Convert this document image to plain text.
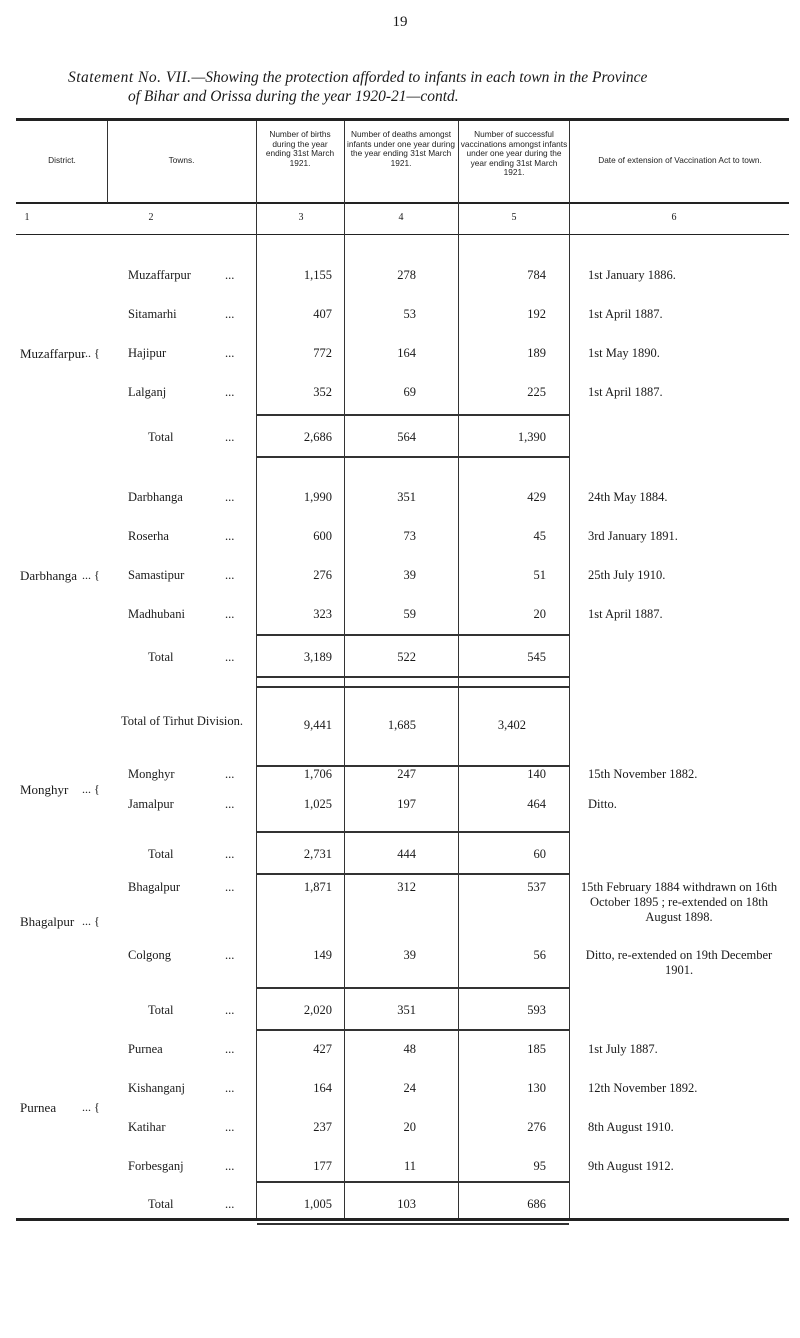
19
Statement No. VII.—Showing the protection afforded to infants in each town in the Province
of Bihar and Orissa during the year 1920-21—contd.
District.	Towns.
Number of births during the year ending 31st March 1921.
Number of deaths amongst infants under one year during the year ending 31st March 1921.
Number of successful vaccinations amongst infants under one year during the year ending 31st March 1921.
Date of extension of Vaccination Act to town.
1	2	3	4	5	6
Muzaffarpur
... {
Muzaffarpur	...	1,155	278	784	1st January 1886.
Sitamarhi	...	407	53	192	1st April 1887.
Hajipur	...	772	164	189	1st May 1890.
Lalganj	...	352	69	225	1st April 1887.
Total	...	2,686	564	1,390
Darbhanga ... {
Darbhanga	...	1,990	351	429	24th May 1884.
Roserha	...	600	73	45	3rd January 1891.
Samastipur	...	276	39	51	25th July 1910.
Madhubani	...	323	59	20	1st April 1887.
Total	...	3,189	522	545
Total of Tirhut Division.	9,441	1,685	3,402
Monghyr ... {
Monghyr	...	1,706	247	140	15th November 1882.
Jamalpur	...	1,025	197	464	Ditto.
Total	...	2,731	444	60
Bhagalpur ... {
Bhagalpur	...	1,871	312	537	15th February 1884 withdrawn on 16th October 1895 ; re-extended on 18th August 1898.
Colgong	...	149	39	56	Ditto, re-extended on 19th December 1901.
Total	...	2,020	351	593
Purnea ... {
Purnea	...	427	48	185	1st July 1887.
Kishanganj	...	164	24	130	12th November 1892.
Katihar	...	237	20	276	8th August 1910.
Forbesganj	...	177	11	95	9th August 1912.
Total	...	1,005	103	686
